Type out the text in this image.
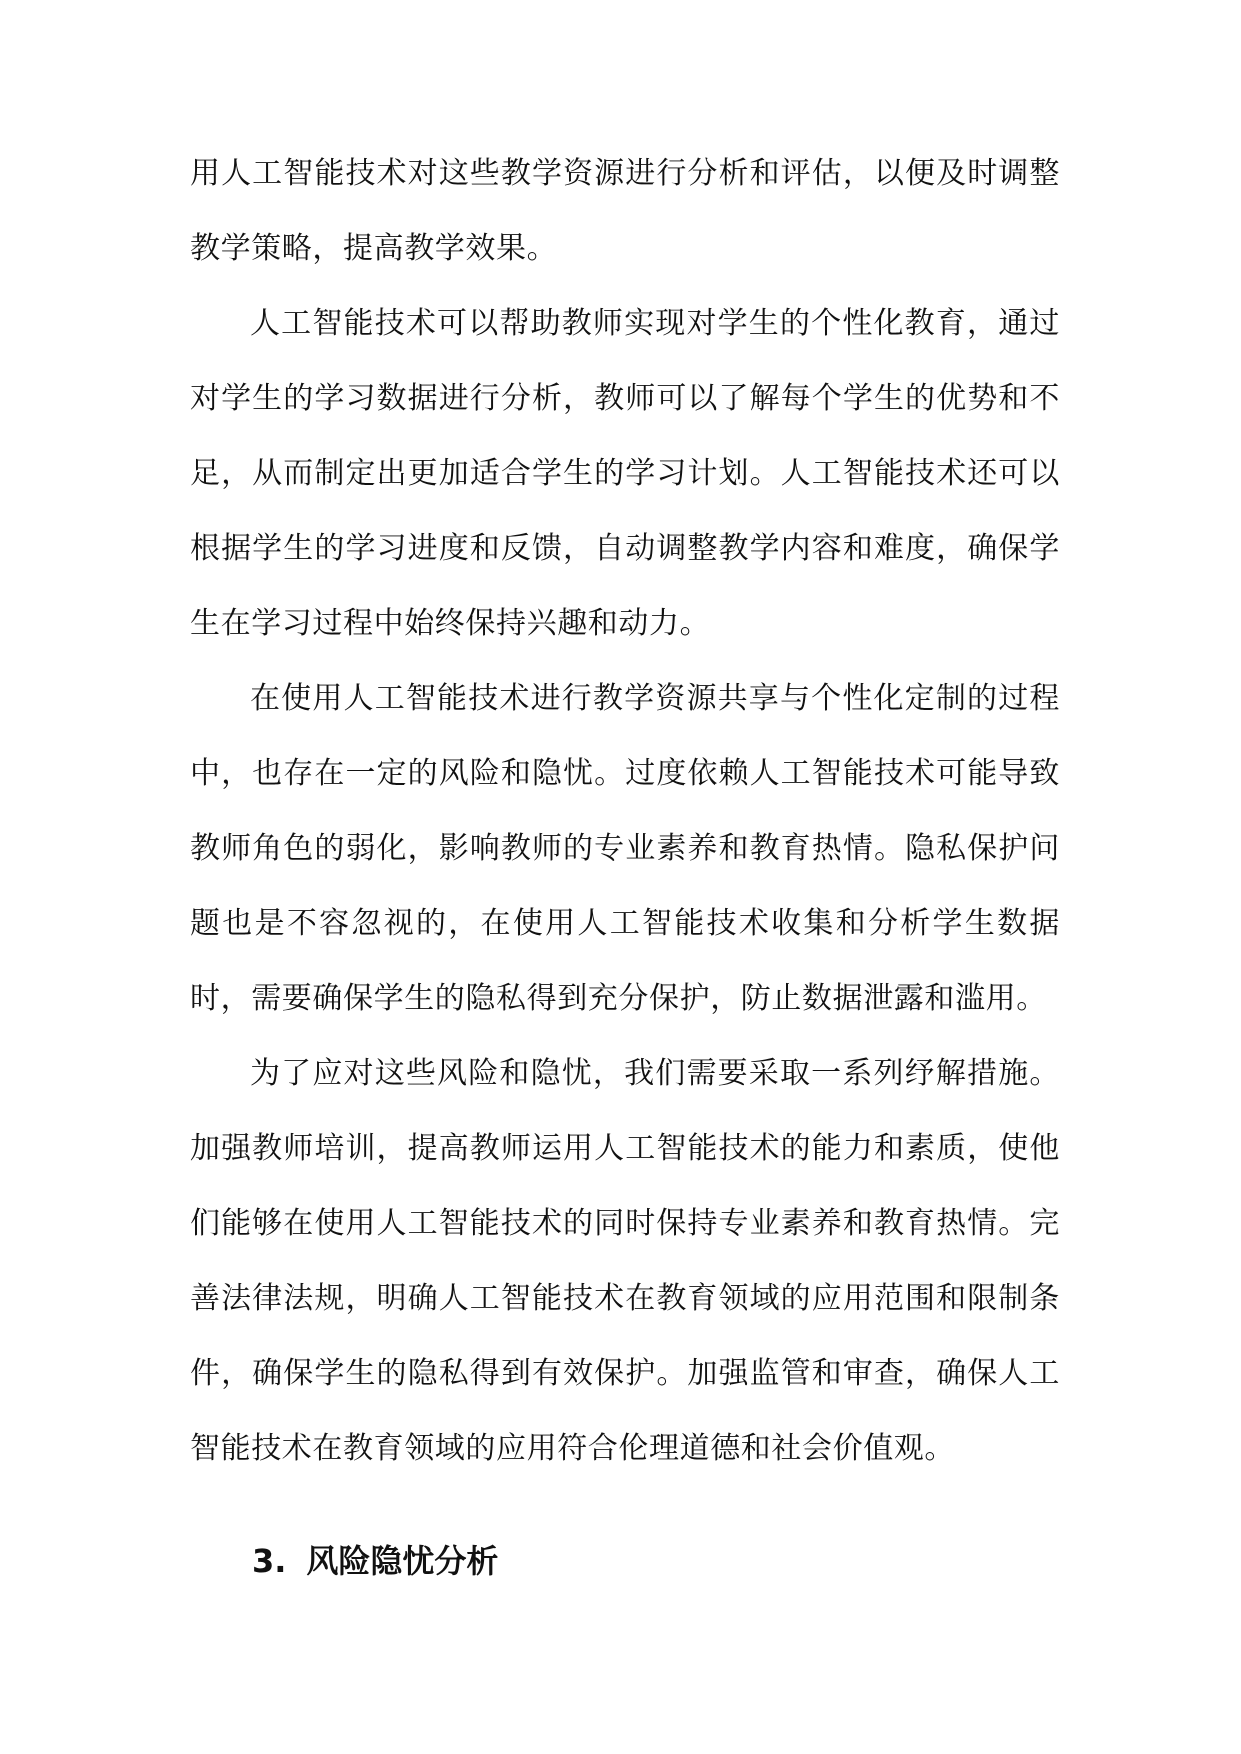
用人工智能技术对这些教学资源进行分析和评估，以便及时调整教学策略，提高教学效果。

人工智能技术可以帮助教师实现对学生的个性化教育，通过对学生的学习数据进行分析，教师可以了解每个学生的优势和不足，从而制定出更加适合学生的学习计划。人工智能技术还可以根据学生的学习进度和反馈，自动调整教学内容和难度，确保学生在学习过程中始终保持兴趣和动力。

在使用人工智能技术进行教学资源共享与个性化定制的过程中，也存在一定的风险和隐忧。过度依赖人工智能技术可能导致教师角色的弱化，影响教师的专业素养和教育热情。隐私保护问题也是不容忽视的，在使用人工智能技术收集和分析学生数据时，需要确保学生的隐私得到充分保护，防止数据泄露和滥用。

为了应对这些风险和隐忧，我们需要采取一系列纾解措施。加强教师培训，提高教师运用人工智能技术的能力和素质，使他们能够在使用人工智能技术的同时保持专业素养和教育热情。完善法律法规，明确人工智能技术在教育领域的应用范围和限制条件，确保学生的隐私得到有效保护。加强监管和审查，确保人工智能技术在教育领域的应用符合伦理道德和社会价值观。

3. 风险隐忧分析
